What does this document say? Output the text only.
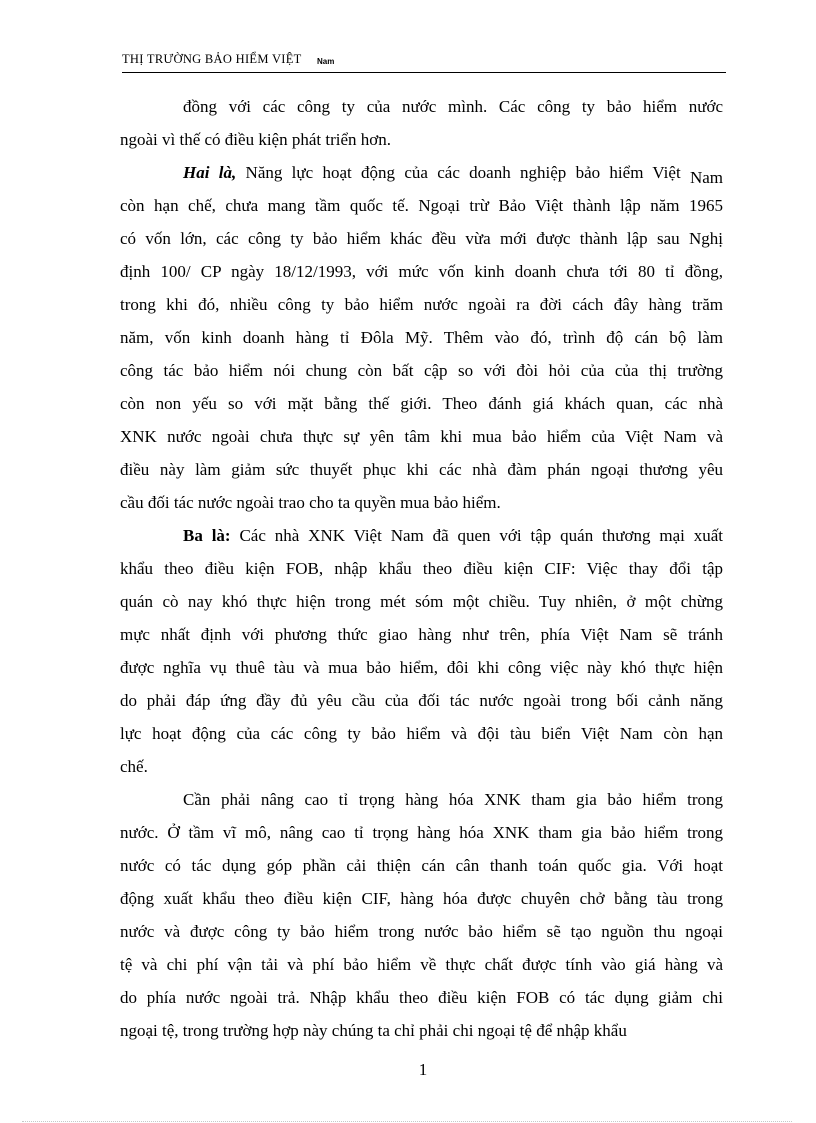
THỊ TRƯỜNG BẢO HIỂM VIỆT Nam
đồng với các công ty của nước mình. Các công ty bảo hiểm nước
ngoài vì thế có điều kiện phát triển hơn.
Hai là, Năng lực hoạt động của các doanh nghiệp bảo hiểm Việt Nam
còn hạn chế, chưa mang tầm quốc tế. Ngoại trừ Bảo Việt thành lập năm 1965
có vốn lớn, các công ty bảo hiểm khác đều vừa mới được thành lập sau Nghị
định 100/ CP ngày 18/12/1993, với mức vốn kinh doanh chưa tới 80 tỉ đồng,
trong khi đó, nhiều công ty bảo hiểm nước ngoài ra đời cách đây hàng trăm
năm, vốn kinh doanh hàng tỉ Đôla Mỹ. Thêm vào đó, trình độ cán bộ làm
công tác bảo hiểm nói chung còn bất cập so với đòi hỏi của của thị trường
còn non yếu so với mặt bằng thế giới. Theo đánh giá khách quan, các nhà
XNK nước ngoài chưa thực sự yên tâm khi mua bảo hiểm của Việt Nam và
điều này làm giảm sức thuyết phục khi các nhà đàm phán ngoại thương yêu
cầu đối tác nước ngoài trao cho ta quyền mua bảo hiểm.
Ba là: Các nhà XNK Việt Nam đã quen với tập quán thương mại xuất
khẩu theo điều kiện FOB, nhập khẩu theo điều kiện CIF: Việc thay đổi tập
quán cò nay khó thực hiện trong mét sóm một chiều. Tuy nhiên, ở một chừng
mực nhất định với phương thức giao hàng như trên, phía Việt Nam sẽ tránh
được nghĩa vụ thuê tàu và mua bảo hiểm, đôi khi công việc này khó thực hiện
do phải đáp ứng đầy đủ yêu cầu của đối tác nước ngoài trong bối cảnh năng
lực hoạt động của các công ty bảo hiểm và đội tàu biển Việt Nam còn hạn
chế.
Cần phải nâng cao tỉ trọng hàng hóa XNK tham gia bảo hiểm trong
nước. Ở tầm vĩ mô, nâng cao tỉ trọng hàng hóa XNK tham gia bảo hiểm trong
nước có tác dụng góp phần cải thiện cán cân thanh toán quốc gia. Với hoạt
động xuất khẩu theo điều kiện CIF, hàng hóa được chuyên chở bằng tàu trong
nước và được công ty bảo hiểm trong nước bảo hiểm sẽ tạo nguồn thu ngoại
tệ và chi phí vận tải và phí bảo hiểm về thực chất được tính vào giá hàng và
do phía nước ngoài trả. Nhập khẩu theo điều kiện FOB có tác dụng giảm chi
ngoại tệ, trong trường hợp này chúng ta chỉ phải chi ngoại tệ để nhập khẩu
1
